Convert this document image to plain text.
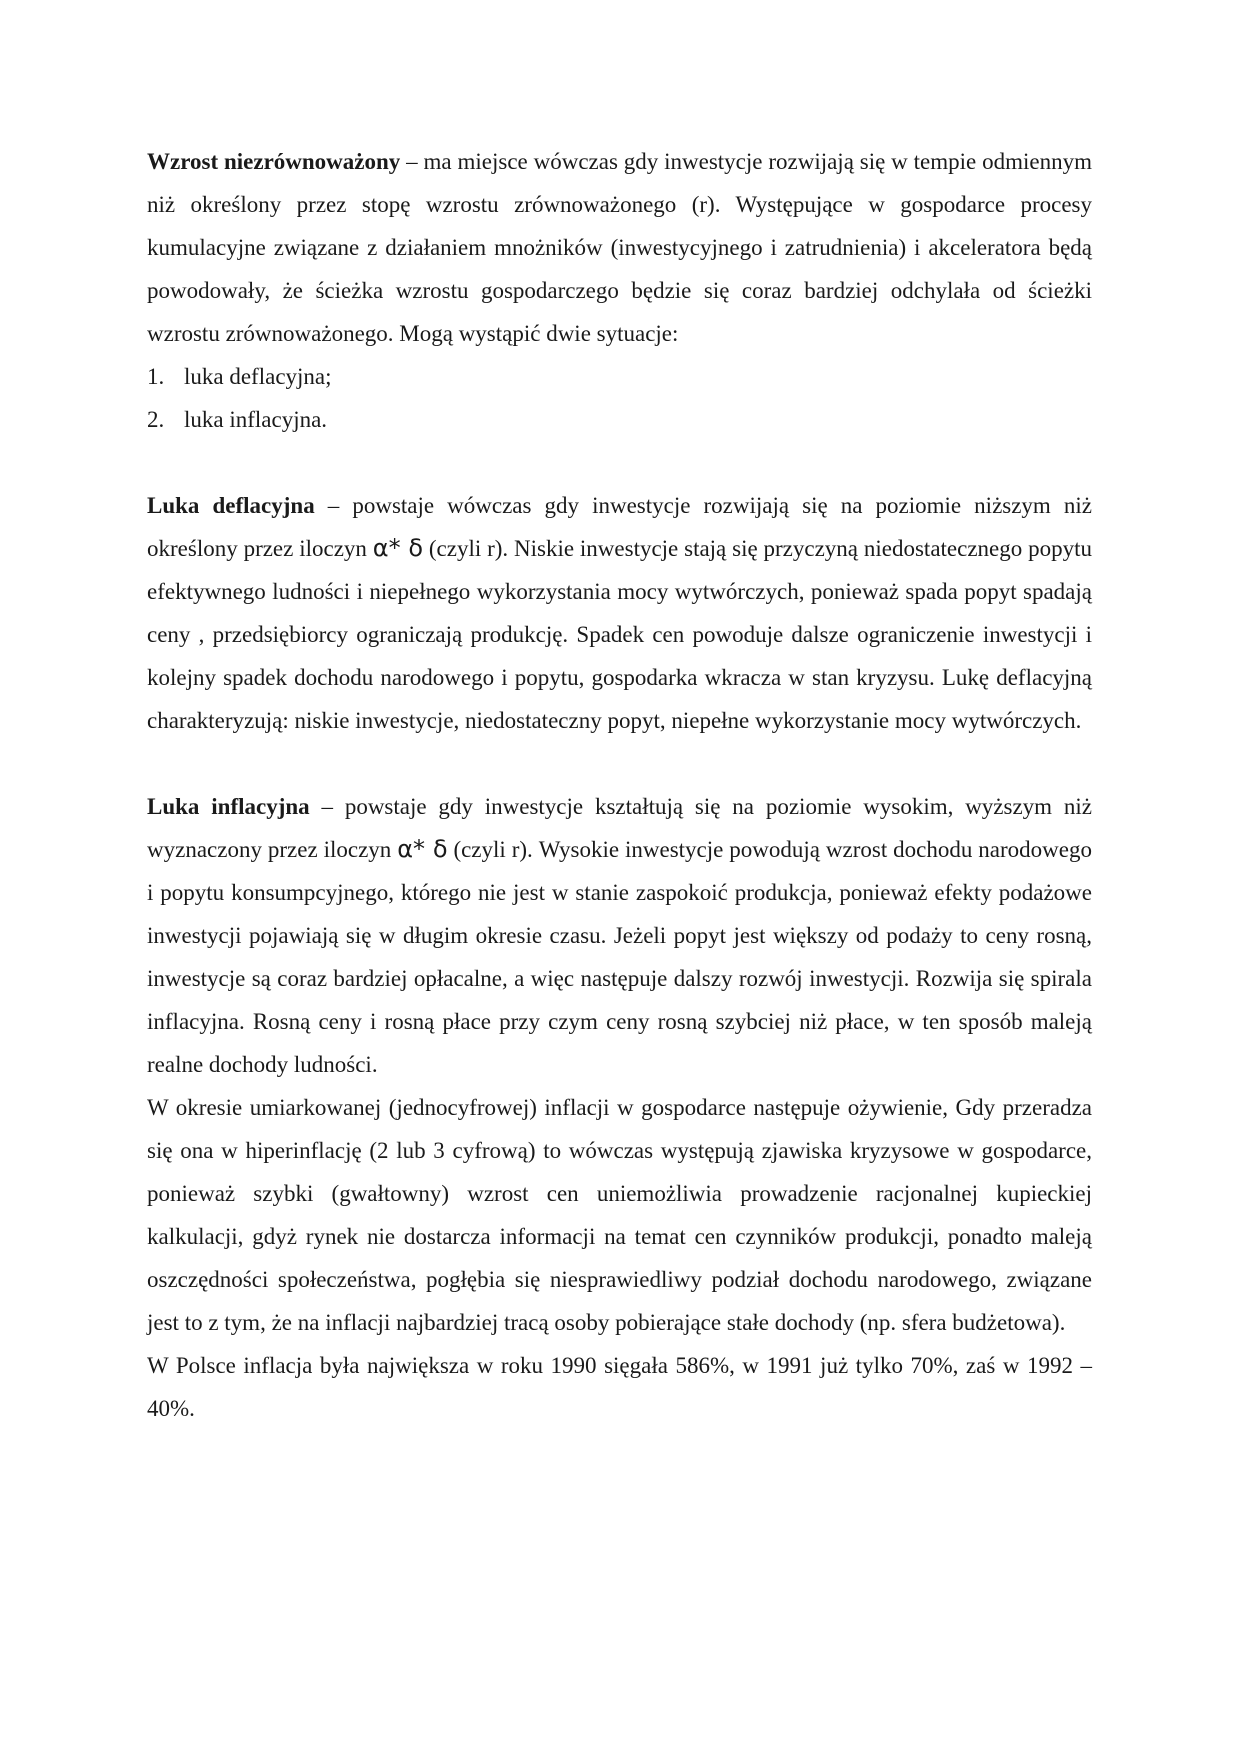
Wzrost niezrównoważony – ma miejsce wówczas gdy inwestycje rozwijają się w tempie odmiennym niż określony przez stopę wzrostu zrównoważonego (r). Występujące w gospodarce procesy kumulacyjne związane z działaniem mnożników (inwestycyjnego i zatrudnienia) i akceleratora będą powodowały, że ścieżka wzrostu gospodarczego będzie się coraz bardziej odchylała od ścieżki wzrostu zrównoważonego. Mogą wystąpić dwie sytuacje:

1. luka deflacyjna;
2. luka inflacyjna.

Luka deflacyjna – powstaje wówczas gdy inwestycje rozwijają się na poziomie niższym niż określony przez iloczyn α* δ (czyli r). Niskie inwestycje stają się przyczyną niedostatecznego popytu efektywnego ludności i niepełnego wykorzystania mocy wytwórczych, ponieważ spada popyt spadają ceny , przedsiębiorcy ograniczają produkcję. Spadek cen powoduje dalsze ograniczenie inwestycji i kolejny spadek dochodu narodowego i popytu, gospodarka wkracza w stan kryzysu. Lukę deflacyjną charakteryzują: niskie inwestycje, niedostateczny popyt, niepełne wykorzystanie mocy wytwórczych.

Luka inflacyjna – powstaje gdy inwestycje kształtują się na poziomie wysokim, wyższym niż wyznaczony przez iloczyn α* δ (czyli r). Wysokie inwestycje powodują wzrost dochodu narodowego i popytu konsumpcyjnego, którego nie jest w stanie zaspokoić produkcja, ponieważ efekty podażowe inwestycji pojawiają się w długim okresie czasu. Jeżeli popyt jest większy od podaży to ceny rosną, inwestycje są coraz bardziej opłacalne, a więc następuje dalszy rozwój inwestycji. Rozwija się spirala inflacyjna. Rosną ceny i rosną płace przy czym ceny rosną szybciej niż płace, w ten sposób maleją realne dochody ludności.

W okresie umiarkowanej (jednocyfrowej) inflacji w gospodarce następuje ożywienie, Gdy przeradza się ona w hiperinflację (2 lub 3 cyfrową) to wówczas występują zjawiska kryzysowe w gospodarce, ponieważ szybki (gwałtowny) wzrost cen uniemożliwia prowadzenie racjonalnej kupieckiej kalkulacji, gdyż rynek nie dostarcza informacji na temat cen czynników produkcji, ponadto maleją oszczędności społeczeństwa, pogłębia się niesprawiedliwy podział dochodu narodowego, związane jest to z tym, że na inflacji najbardziej tracą osoby pobierające stałe dochody (np. sfera budżetowa).

W Polsce inflacja była największa w roku 1990 sięgała 586%, w 1991 już tylko 70%, zaś w 1992 – 40%.
